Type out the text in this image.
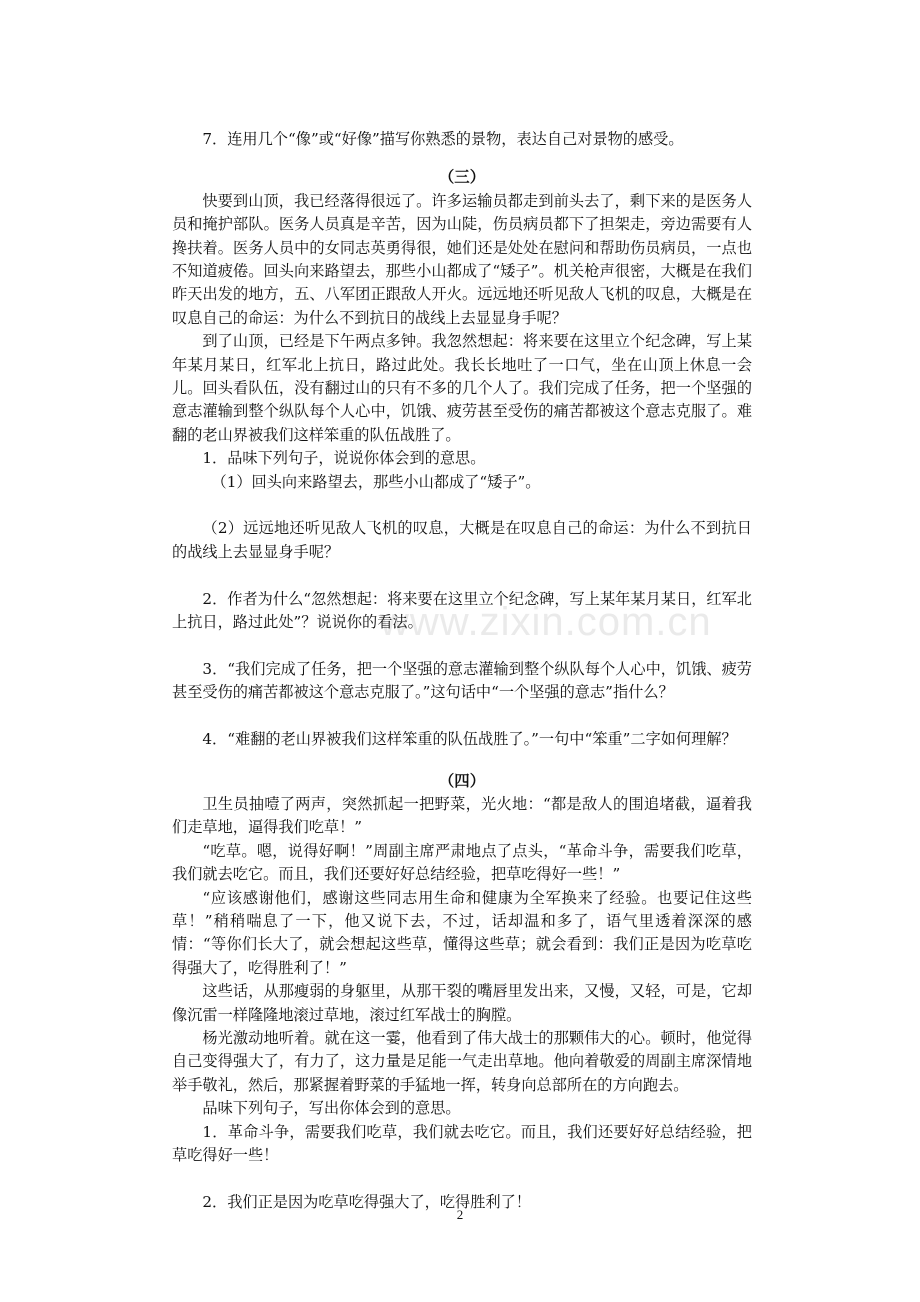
www.zixin.com.cn

7．连用几个“像”或“好像”描写你熟悉的景物，表达自己对景物的感受。

（三）

快要到山顶，我已经落得很远了。许多运输员都走到前头去了，剩下来的是医务人员和掩护部队。医务人员真是辛苦，因为山陡，伤员病员都下了担架走，旁边需要有人搀扶着。医务人员中的女同志英勇得很，她们还是处处在慰问和帮助伤员病员，一点也不知道疲倦。回头向来路望去，那些小山都成了“矮子”。机关枪声很密，大概是在我们昨天出发的地方，五、八军团正跟敌人开火。远远地还听见敌人飞机的叹息，大概是在叹息自己的命运：为什么不到抗日的战线上去显显身手呢？

到了山顶，已经是下午两点多钟。我忽然想起：将来要在这里立个纪念碑，写上某年某月某日，红军北上抗日，路过此处。我长长地吐了一口气，坐在山顶上休息一会儿。回头看队伍，没有翻过山的只有不多的几个人了。我们完成了任务，把一个坚强的意志灌输到整个纵队每个人心中，饥饿、疲劳甚至受伤的痛苦都被这个意志克服了。难翻的老山界被我们这样笨重的队伍战胜了。

1．品味下列句子，说说你体会到的意思。

（1）回头向来路望去，那些小山都成了“矮子”。

（2）远远地还听见敌人飞机的叹息，大概是在叹息自己的命运：为什么不到抗日的战线上去显显身手呢？

2．作者为什么“忽然想起：将来要在这里立个纪念碑，写上某年某月某日，红军北上抗日，路过此处”？说说你的看法。

3．“我们完成了任务，把一个坚强的意志灌输到整个纵队每个人心中，饥饿、疲劳甚至受伤的痛苦都被这个意志克服了。”这句话中“一个坚强的意志”指什么？

4．“难翻的老山界被我们这样笨重的队伍战胜了。”一句中“笨重”二字如何理解？

（四）

卫生员抽噎了两声，突然抓起一把野菜，光火地：“都是敌人的围追堵截，逼着我们走草地，逼得我们吃草！”

“吃草。嗯，说得好啊！”周副主席严肃地点了点头，“革命斗争，需要我们吃草，我们就去吃它。而且，我们还要好好总结经验，把草吃得好一些！”

“应该感谢他们，感谢这些同志用生命和健康为全军换来了经验。也要记住这些草！”稍稍喘息了一下，他又说下去，不过，话却温和多了，语气里透着深深的感情：“等你们长大了，就会想起这些草，懂得这些草；就会看到：我们正是因为吃草吃得强大了，吃得胜利了！”

这些话，从那瘦弱的身躯里，从那干裂的嘴唇里发出来，又慢，又轻，可是，它却像沉雷一样隆隆地滚过草地，滚过红军战士的胸膛。

杨光激动地听着。就在这一霎，他看到了伟大战士的那颗伟大的心。顿时，他觉得自己变得强大了，有力了，这力量是足能一气走出草地。他向着敬爱的周副主席深情地举手敬礼，然后，那紧握着野菜的手猛地一挥，转身向总部所在的方向跑去。

品味下列句子，写出你体会到的意思。

1．革命斗争，需要我们吃草，我们就去吃它。而且，我们还要好好总结经验，把草吃得好一些！

2．我们正是因为吃草吃得强大了，吃得胜利了！

2
